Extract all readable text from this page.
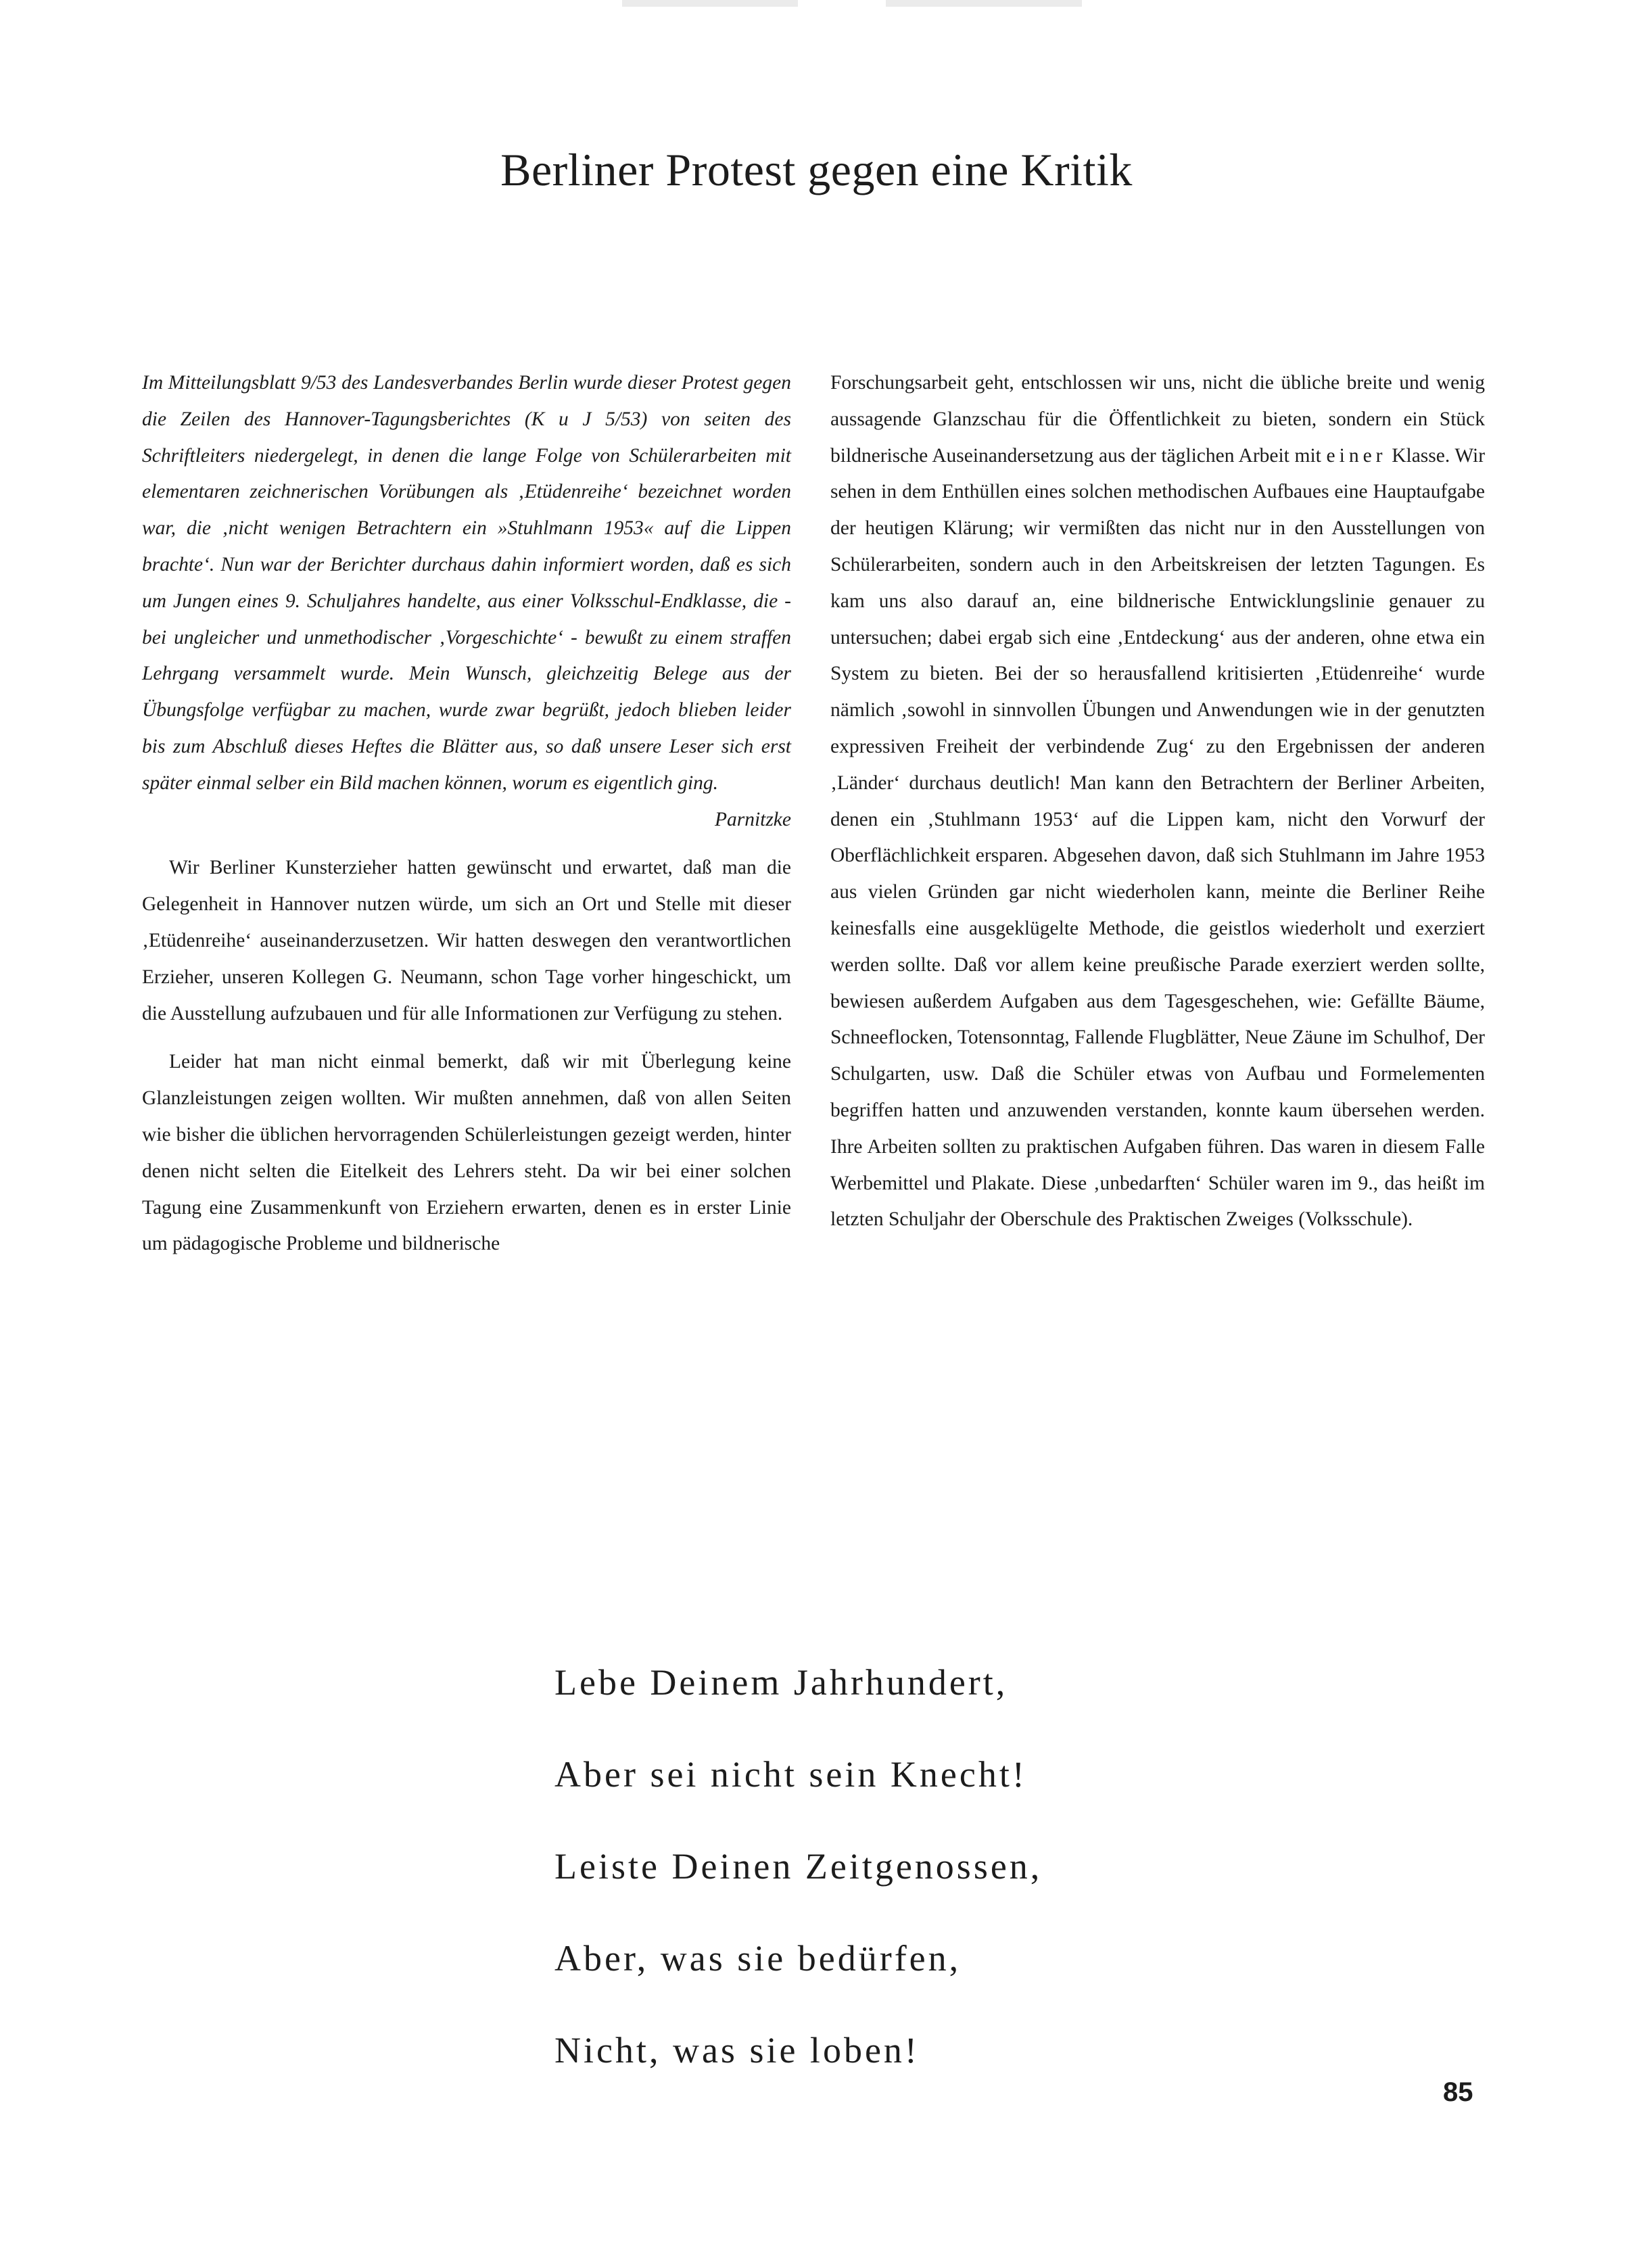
Berliner Protest gegen eine Kritik

Im Mitteilungsblatt 9/53 des Landesverbandes Berlin wurde dieser Protest gegen die Zeilen des Hannover-Tagungsberichtes (K u J 5/53) von seiten des Schriftleiters niedergelegt, in denen die lange Folge von Schülerarbeiten mit elementaren zeichnerischen Vorübungen als ‚Etüdenreihe‘ bezeichnet worden war, die ‚nicht wenigen Betrachtern ein »Stuhlmann 1953« auf die Lippen brachte‘. Nun war der Berichter durchaus dahin informiert worden, daß es sich um Jungen eines 9. Schuljahres handelte, aus einer Volksschul-Endklasse, die - bei ungleicher und unmethodischer ‚Vorgeschichte‘ - bewußt zu einem straffen Lehrgang versammelt wurde. Mein Wunsch, gleichzeitig Belege aus der Übungsfolge verfügbar zu machen, wurde zwar begrüßt, jedoch blieben leider bis zum Abschluß dieses Heftes die Blätter aus, so daß unsere Leser sich erst später einmal selber ein Bild machen können, worum es eigentlich ging.
Parnitzke

Wir Berliner Kunsterzieher hatten gewünscht und erwartet, daß man die Gelegenheit in Hannover nutzen würde, um sich an Ort und Stelle mit dieser ‚Etüdenreihe‘ auseinanderzusetzen. Wir hatten deswegen den verantwortlichen Erzieher, unseren Kollegen G. Neumann, schon Tage vorher hingeschickt, um die Ausstellung aufzubauen und für alle Informationen zur Verfügung zu stehen.

Leider hat man nicht einmal bemerkt, daß wir mit Überlegung keine Glanzleistungen zeigen wollten. Wir mußten annehmen, daß von allen Seiten wie bisher die üblichen hervorragenden Schülerleistungen gezeigt werden, hinter denen nicht selten die Eitelkeit des Lehrers steht. Da wir bei einer solchen Tagung eine Zusammenkunft von Erziehern erwarten, denen es in erster Linie um pädagogische Probleme und bildnerische

Forschungsarbeit geht, entschlossen wir uns, nicht die übliche breite und wenig aussagende Glanzschau für die Öffentlichkeit zu bieten, sondern ein Stück bildnerische Auseinandersetzung aus der täglichen Arbeit mit einer Klasse. Wir sehen in dem Enthüllen eines solchen methodischen Aufbaues eine Hauptaufgabe der heutigen Klärung; wir vermißten das nicht nur in den Ausstellungen von Schülerarbeiten, sondern auch in den Arbeitskreisen der letzten Tagungen. Es kam uns also darauf an, eine bildnerische Entwicklungslinie genauer zu untersuchen; dabei ergab sich eine ‚Entdeckung‘ aus der anderen, ohne etwa ein System zu bieten. Bei der so herausfallend kritisierten ‚Etüdenreihe‘ wurde nämlich ‚sowohl in sinnvollen Übungen und Anwendungen wie in der genutzten expressiven Freiheit der verbindende Zug‘ zu den Ergebnissen der anderen ‚Länder‘ durchaus deutlich! Man kann den Betrachtern der Berliner Arbeiten, denen ein ‚Stuhlmann 1953‘ auf die Lippen kam, nicht den Vorwurf der Oberflächlichkeit ersparen. Abgesehen davon, daß sich Stuhlmann im Jahre 1953 aus vielen Gründen gar nicht wiederholen kann, meinte die Berliner Reihe keinesfalls eine ausgeklügelte Methode, die geistlos wiederholt und exerziert werden sollte. Daß vor allem keine preußische Parade exerziert werden sollte, bewiesen außerdem Aufgaben aus dem Tagesgeschehen, wie: Gefällte Bäume, Schneeflocken, Totensonntag, Fallende Flugblätter, Neue Zäune im Schulhof, Der Schulgarten, usw. Daß die Schüler etwas von Aufbau und Formelementen begriffen hatten und anzuwenden verstanden, konnte kaum übersehen werden. Ihre Arbeiten sollten zu praktischen Aufgaben führen. Das waren in diesem Falle Werbemittel und Plakate. Diese ‚unbedarften‘ Schüler waren im 9., das heißt im letzten Schuljahr der Oberschule des Praktischen Zweiges (Volksschule).

Lebe Deinem Jahrhundert,
Aber sei nicht sein Knecht!
Leiste Deinen Zeitgenossen,
Aber, was sie bedürfen,
Nicht, was sie loben!
85
